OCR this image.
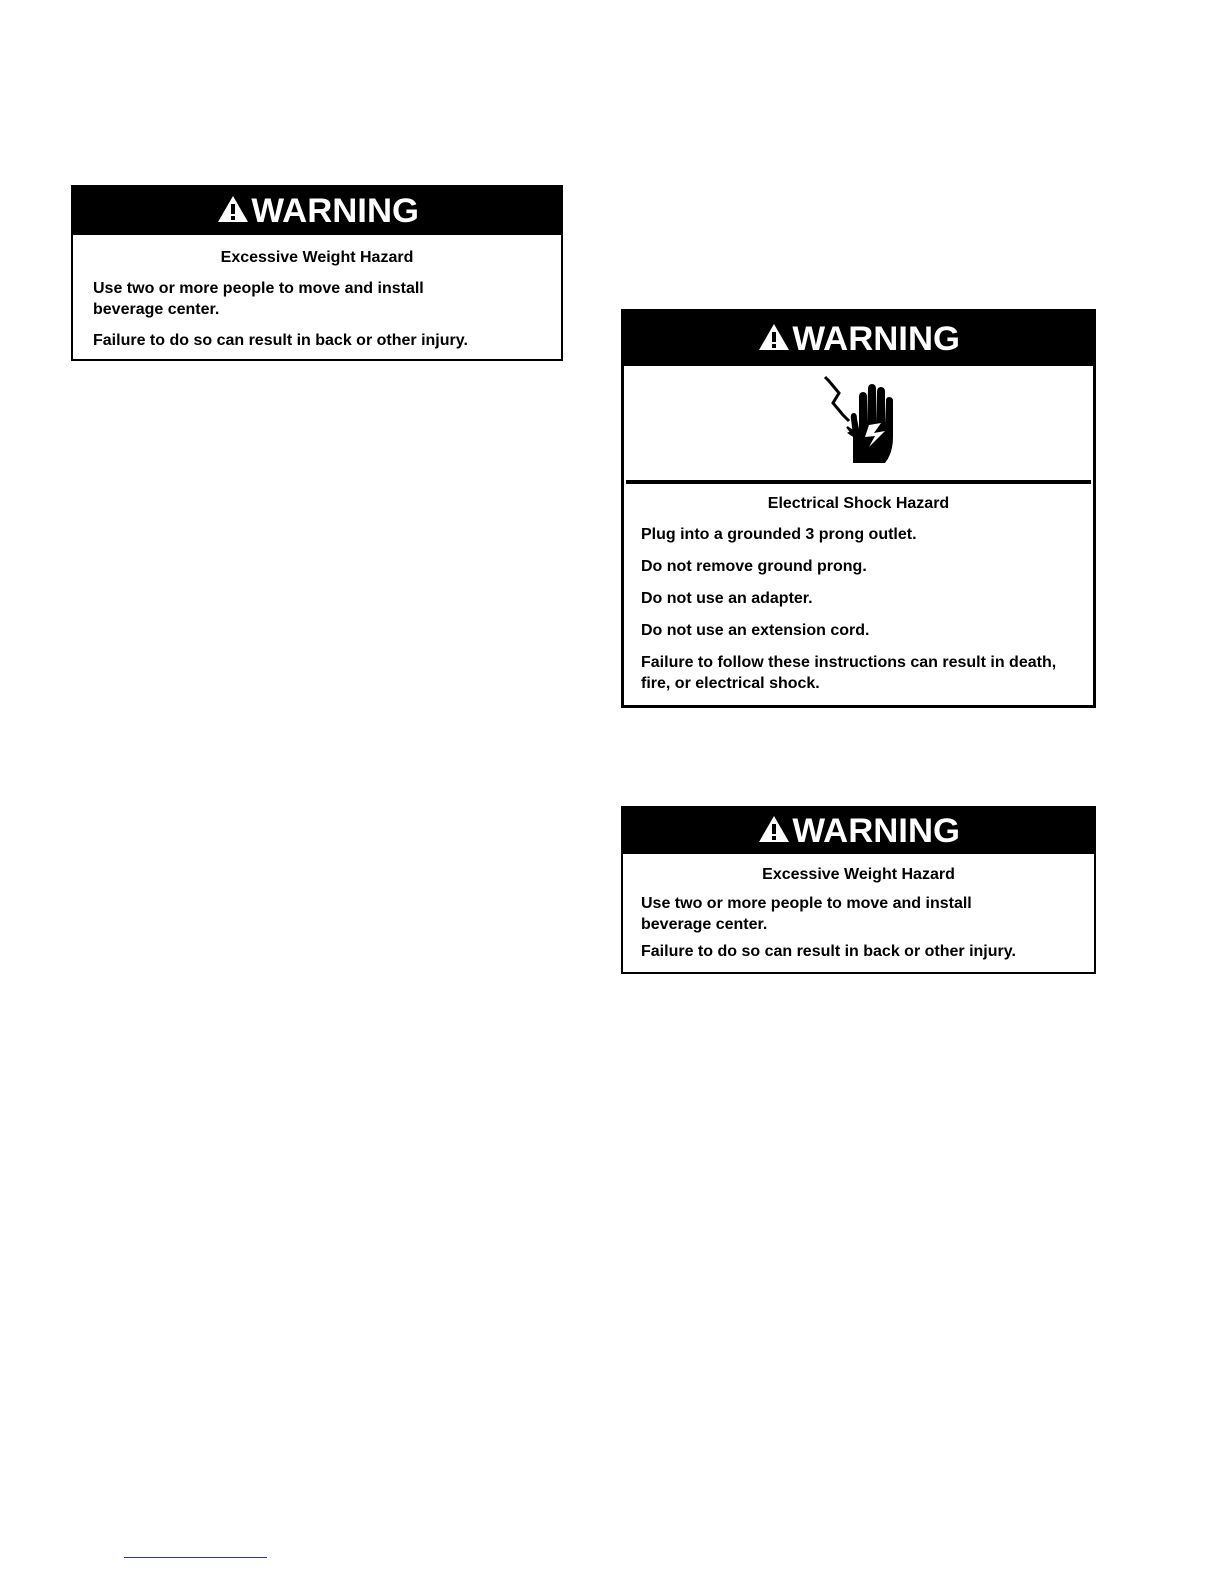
WARNING
Excessive Weight Hazard
Use two or more people to move and install beverage center.
Failure to do so can result in back or other injury.	WARNING
Electrical Shock Hazard
Plug into a grounded 3 prong outlet.
Do not remove ground prong.
Do not use an adapter.
Do not use an extension cord.
Failure to follow these instructions can result in death, fire, or electrical shock.
WARNING
Excessive Weight Hazard
Use two or more people to move and install beverage center.
Failure to do so can result in back or other injury.
